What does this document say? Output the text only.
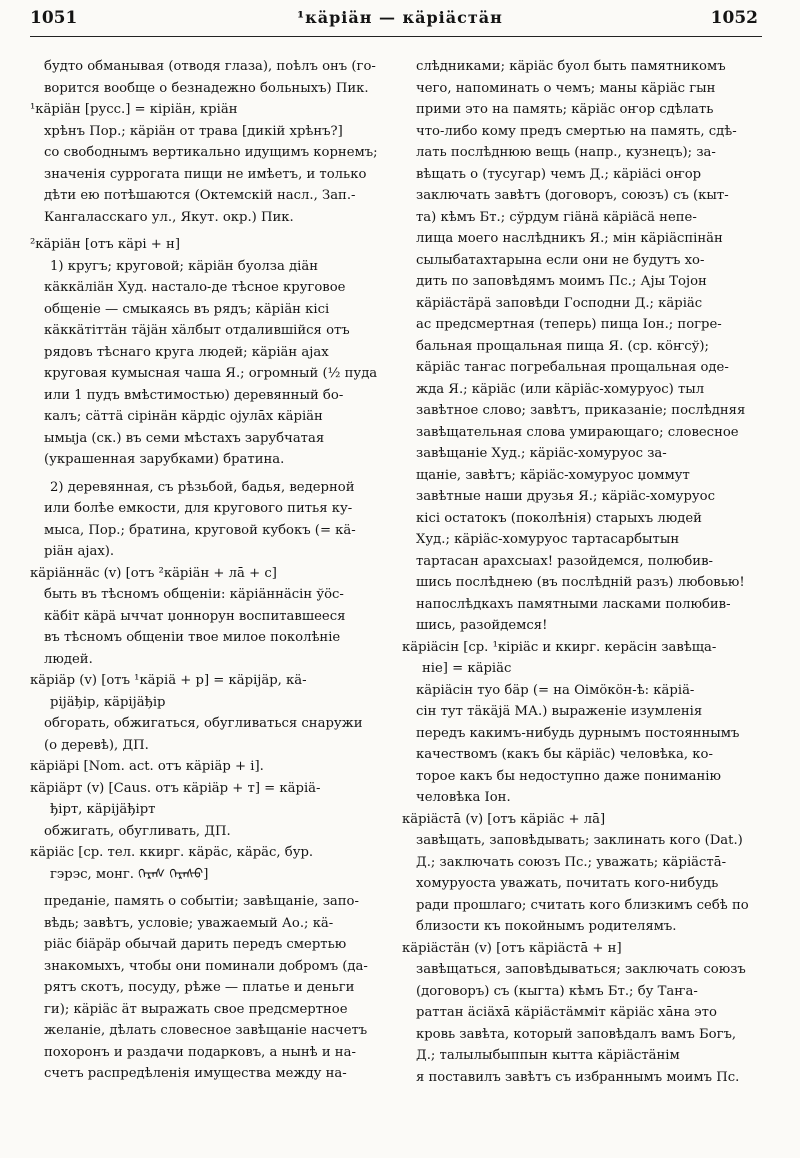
1051	¹кäріäн — кäріäстäн	1052
будто обманывая (отводя глаза), поѣлъ онъ (го-
ворится вообще о безнадежно больныхъ) Пик.
¹кäріäн [русс.] = кіріäн, кріäн
хрѣнъ Пор.; кäріäн от трава [дикій хрѣнъ?]
со свободнымъ вертикально идущимъ корнемъ;
значенія суррогата пищи не имѣетъ, и только
дѣти ею потѣшаются (Октемскій насл., Зап.-
Кангаласскаго ул., Якут. окр.) Пик.
²кäріäн [отъ кäрі + н]
1) кругъ; круговой; кäріäн буолза діäн
кäккäлiäн Худ. настало-де тѣсное круговое
общеніе — смыкаясь въ рядъ; кäріäн кісі
кäккäтiттäн тäjäн хäлбыт отдалившійся отъ
рядовъ тѣснаго круга людей; кäріäн аjах
круговая кумысная чаша Я.; огромный (½ пуда
или 1 пудъ вмѣстимостью) деревянный бо-
калъ; сäттä сірiнäн кäрдiс оjулāх кäріäн
ымыjа (ск.) въ семи мѣстахъ зарубчатая
(украшенная зарубками) братина.
2) деревянная, съ рѣзьбой, бадья, ведерной
или болѣе емкости, для кругового питья ку-
мыса, Пор.; братина, круговой кубокъ (= кä-
ріäн аjах).
кäріäннäс (v) [отъ ²кäріäн + лā + с]
быть въ тѣсномъ общеніи: кäріäннäсiн ўöс-
кäбiт кäрä ыччат џоннорун воспитавшееся
въ тѣсномъ общеніи твое милое поколѣніе
людей.
кäріäр (v) [отъ ¹кäріä + р] = кäрiјäр, кä-
рiјäђiр, кäрiјäђiр
обгорать, обжигаться, обугливаться снаружи
(о деревѣ), ДП.
кäріäрi [Nom. act. отъ кäріäр + i].
кäріäрт (v) [Caus. отъ кäріäр + т] = кäрiä-
ђiрт, кäрiјäђiрт
обжигать, обугливать, ДП.
кäріäс [ср. тел. ккирг. кäрäс, кäрäс, бур.
гэрэс, монг. ᠭᠡᠷᠡᠰ ᠭᠡᠷᠡᠰᠦ]
преданіе, память о событіи; завѣщаніе, запо-
вѣдь; завѣтъ, условіе; уважаемый Ао.; кä-
ріäс бiäрäр обычай дарить передъ смертью
знакомыхъ, чтобы они поминали добромъ (да-
рятъ скотъ, посуду, рѣже — платье и деньги
ги); кäріäс äт выражать свое предсмертное
желаніе, дѣлать словесное завѣщаніе насчетъ
похоронъ и раздачи подарковъ, а нынѣ и на-
счетъ распредѣленія имущества между на-
слѣдниками; кäріäс буол быть памятникомъ
чего, напоминать о чемъ; маны кäріäс гын
прими это на память; кäріäс оҥор сдѣлать
что-либо кому предъ смертью на память, сдѣ-
лать послѣднюю вещь (напр., кузнецъ); за-
вѣщать о (тусугар) чемъ Д.; кäріäсi оҥор
заключать завѣтъ (договоръ, союзъ) съ (кыт-
та) кѣмъ Бт.; сўрдум гiäнä кäріäсä непе-
лища моего наслѣдникъ Я.; мiн кäріäспiнäн
сылыбатахтарына если они не будутъ хо-
дить по заповѣдямъ моимъ Пс.; Аjы Тојон
кäріäстäрä заповѣди Господни Д.; кäріäс
ас предсмертная (теперь) пища Іон.; погре-
бальная прощальная пища Я. (ср. кöҥсў);
кäріäс таҥас погребальная прощальная оде-
жда Я.; кäріäс (или кäріäс-хомуруос) тыл
завѣтное слово; завѣтъ, приказаніе; послѣдняя
завѣщательная слова умирающаго; словесное
завѣщаніе Худ.; кäріäс-хомуруос за-
щаніе, завѣтъ; кäріäс-хомуруос џоммут
завѣтные наши друзья Я.; кäріäс-хомуруос
кісi остатокъ (поколѣнія) старыхъ людей
Худ.; кäріäс-хомуруос тартасарбытын
тартасан арахсыах! разойдемся, полюбив-
шись послѣднею (въ послѣдній разъ) любовью!
напослѣдкахъ памятными ласками полюбив-
шись, разойдемся!
кäріäсiн [ср. ¹кіріäс и ккирг. керäсiн завѣща-
ніе] = кäріäс
кäріäсiн туо бäр (= на Оiмöкöн-ѣ: кäріä-
сiн тут тäкäjä МА.) выраженіе изумленія
передъ какимъ-нибудь дурнымъ постояннымъ
качествомъ (какъ бы кäріäс) человѣка, ко-
торое какъ бы недоступно даже пониманію
человѣка Іон.
кäріäстā (v) [отъ кäріäс + лā]
завѣщать, заповѣдывать; заклинать кого (Dat.)
Д.; заключать союзъ Пс.; уважать; кäріäстā-
хомуруоста уважать, почитать кого-нибудь
ради прошлаго; считать кого близкимъ себѣ по
близости къ покойнымъ родителямъ.
кäріäстäн (v) [отъ кäріäстā + н]
завѣщаться, заповѣдываться; заключать союзъ
(договоръ) съ (кыгта) кѣмъ Бт.; бу Таҥа-
раттан äсiäхā кäріäстäммiт кäріäс хāна это
кровь завѣта, который заповѣдалъ вамъ Богъ,
Д.; талылыбыппын кытта кäріäстäнiм
я поставилъ завѣтъ съ избраннымъ моимъ Пс.
